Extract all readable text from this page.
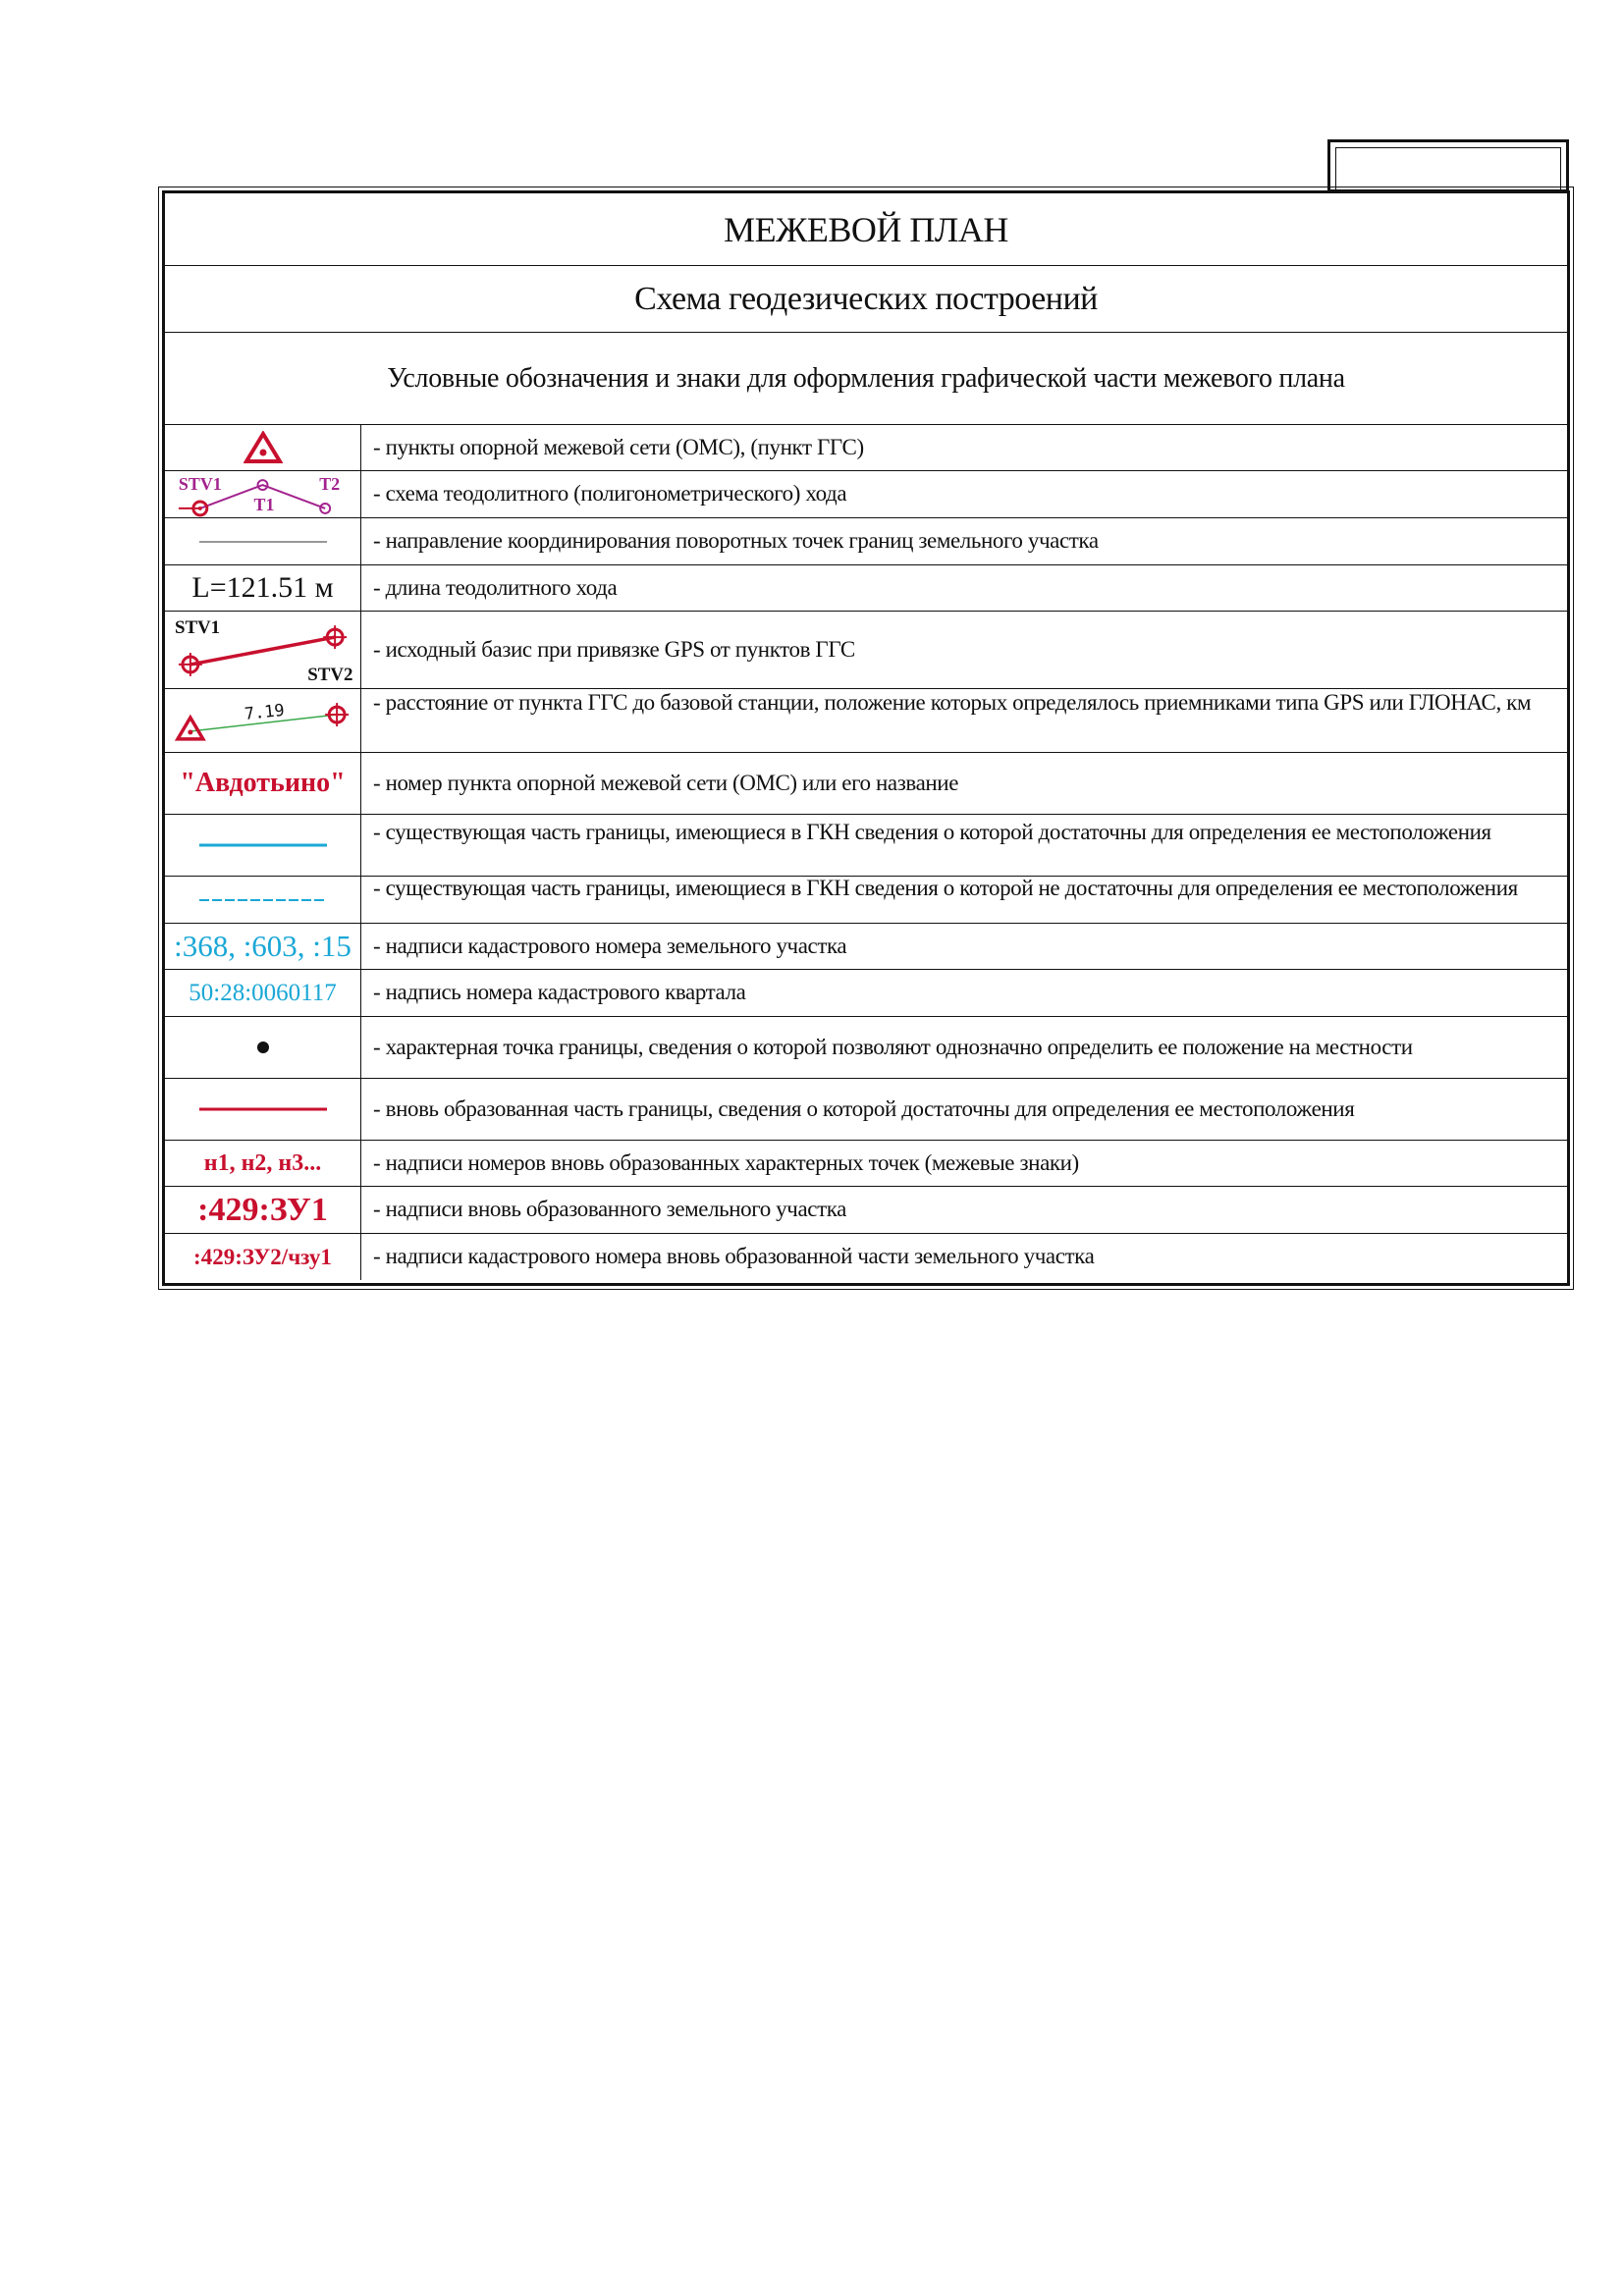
МЕЖЕВОЙ ПЛАН
Схема геодезических построений
Условные обозначения и знаки для оформления графической части межевого плана
- пункты опорной межевой сети (ОМС), (пункт ГГС)
STV1
T1
T2	- схема теодолитного (полигонометрического) хода
- направление координирования поворотных точек границ земельного участка
L=121.51 м	- длина теодолитного хода
STV1
STV2
- исходный базис при привязке GPS от пунктов ГГС
7.19	- расстояние от пункта ГГС до базовой станции, положение которых определялось приемниками типа GPS или ГЛОНАС, км
"Авдотьино"	- номер пункта опорной межевой сети (ОМС) или его название
- существующая часть границы, имеющиеся в ГКН сведения о которой достаточны для определения ее местоположения
- существующая часть границы, имеющиеся в ГКН сведения о которой не достаточны для определения ее местоположения
:368, :603, :15 - надписи кадастрового номера земельного участка
50:28:0060117	- надпись номера кадастрового квартала
- характерная точка границы, сведения о которой позволяют однозначно определить ее положение на местности
- вновь образованная часть границы, сведения о которой достаточны для определения ее местоположения
н1, н2, н3...	- надписи номеров вновь образованных характерных точек (межевые знаки)
:429:ЗУ1	- надписи вновь образованного земельного участка
:429:ЗУ2/чзу1	- надписи кадастрового номера вновь образованной части земельного участка
